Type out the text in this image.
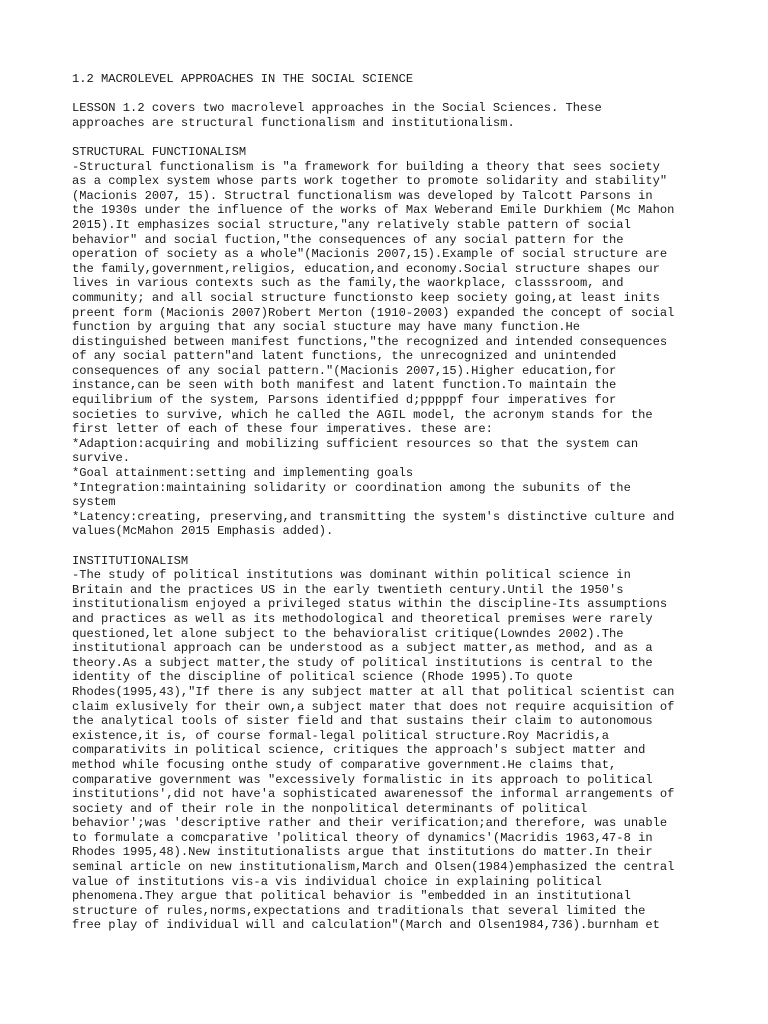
1.2 MACROLEVEL APPROACHES IN THE SOCIAL SCIENCE
LESSON 1.2 covers two macrolevel approaches in the Social Sciences. These
approaches are structural functionalism and institutionalism.
STRUCTURAL FUNCTIONALISM
-Structural functionalism is "a framework for building a theory that sees society
as a complex system whose parts work together to promote solidarity and stability"
(Macionis 2007, 15). Structral functionalism was developed by Talcott Parsons in
the 1930s under the influence of the works of Max Weberand Emile Durkhiem (Mc Mahon
2015).It emphasizes social structure,"any relatively stable pattern of social
behavior" and social fuction,"the consequences of any social pattern for the
operation of society as a whole"(Macionis 2007,15).Example of social structure are
the family,government,religios, education,and economy.Social structure shapes our
lives in various contexts such as the family,the waorkplace, classsroom, and
community; and all social structure functionsto keep society going,at least inits
preent form (Macionis 2007)Robert Merton (1910-2003) expanded the concept of social
function by arguing that any social stucture may have many function.He
distinguished between manifest functions,"the recognized and intended consequences
of any social pattern"and latent functions, the unrecognized and unintended
consequences of any social pattern."(Macionis 2007,15).Higher education,for
instance,can be seen with both manifest and latent function.To maintain the
equilibrium of the system, Parsons identified d;pppppf four imperatives for
societies to survive, which he called the AGIL model, the acronym stands for the
first letter of each of these four imperatives. these are:
*Adaption:acquiring and mobilizing sufficient resources so that the system can
survive.
*Goal attainment:setting and implementing goals
*Integration:maintaining solidarity or coordination among the subunits of the
system
*Latency:creating, preserving,and transmitting the system's distinctive culture and
values(McMahon 2015 Emphasis added).
INSTITUTIONALISM
-The study of political institutions was dominant within political science in
Britain and the practices US in the early twentieth century.Until the 1950's
institutionalism enjoyed a privileged status within the discipline-Its assumptions
and practices as well as its methodological and theoretical premises were rarely
questioned,let alone subject to the behavioralist critique(Lowndes 2002).The
institutional approach can be understood as a subject matter,as method, and as a
theory.As a subject matter,the study of political institutions is central to the
identity of the discipline of political science (Rhode 1995).To quote
Rhodes(1995,43),"If there is any subject matter at all that political scientist can
claim exlusively for their own,a subject mater that does not require acquisition of
the analytical tools of sister field and that sustains their claim to autonomous
existence,it is, of course formal-legal political structure.Roy Macridis,a
comparativits in political science, critiques the approach's subject matter and
method while focusing onthe study of comparative government.He claims that,
comparative government was "excessively formalistic in its approach to political
institutions',did not have'a sophisticated awarenessof the informal arrangements of
society and of their role in the nonpolitical determinants of political
behavior';was 'descriptive rather and their verification;and therefore, was unable
to formulate a comcparative 'political theory of dynamics'(Macridis 1963,47-8 in
Rhodes 1995,48).New institutionalists argue that institutions do matter.In their
seminal article on new institutionalism,March and Olsen(1984)emphasized the central
value of institutions vis-a vis individual choice in explaining political
phenomena.They argue that political behavior is "embedded in an institutional
structure of rules,norms,expectations and traditionals that several limited the
free play of individual will and calculation"(March and Olsen1984,736).burnham et
